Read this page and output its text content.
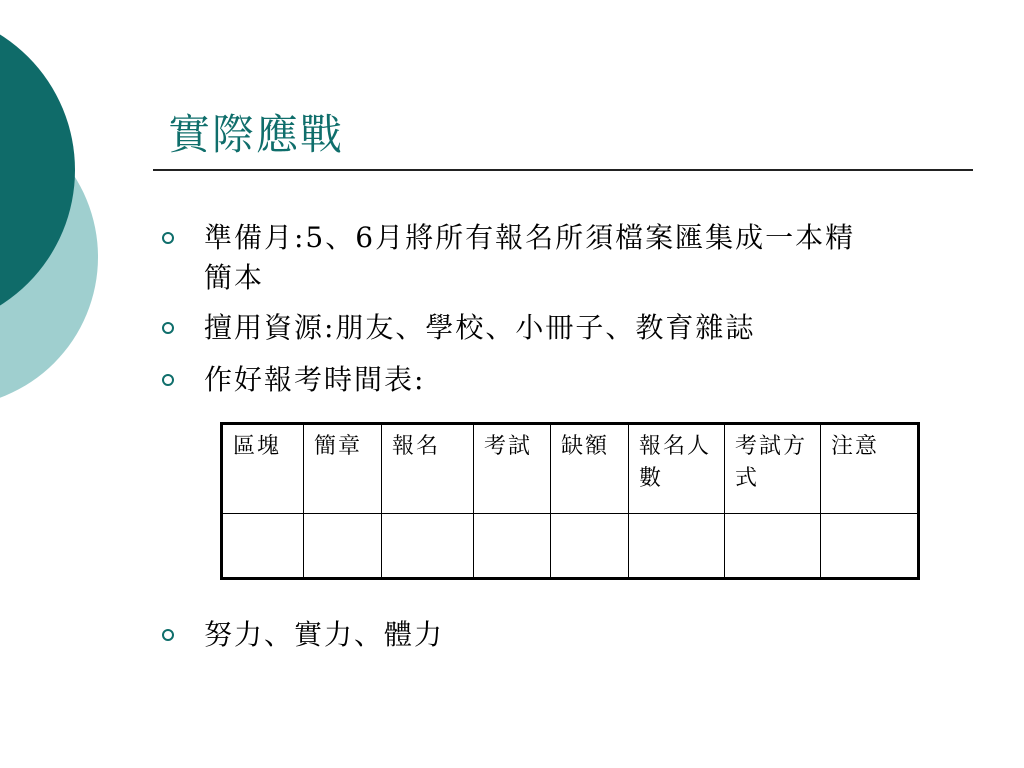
實際應戰
準備月:5、6月將所有報名所須檔案匯集成一本精簡本
擅用資源:朋友、學校、小冊子、教育雜誌
作好報考時間表:
區塊	簡章	報名	考試	缺額	報名人數	考試方式	注意

努力、實力、體力
